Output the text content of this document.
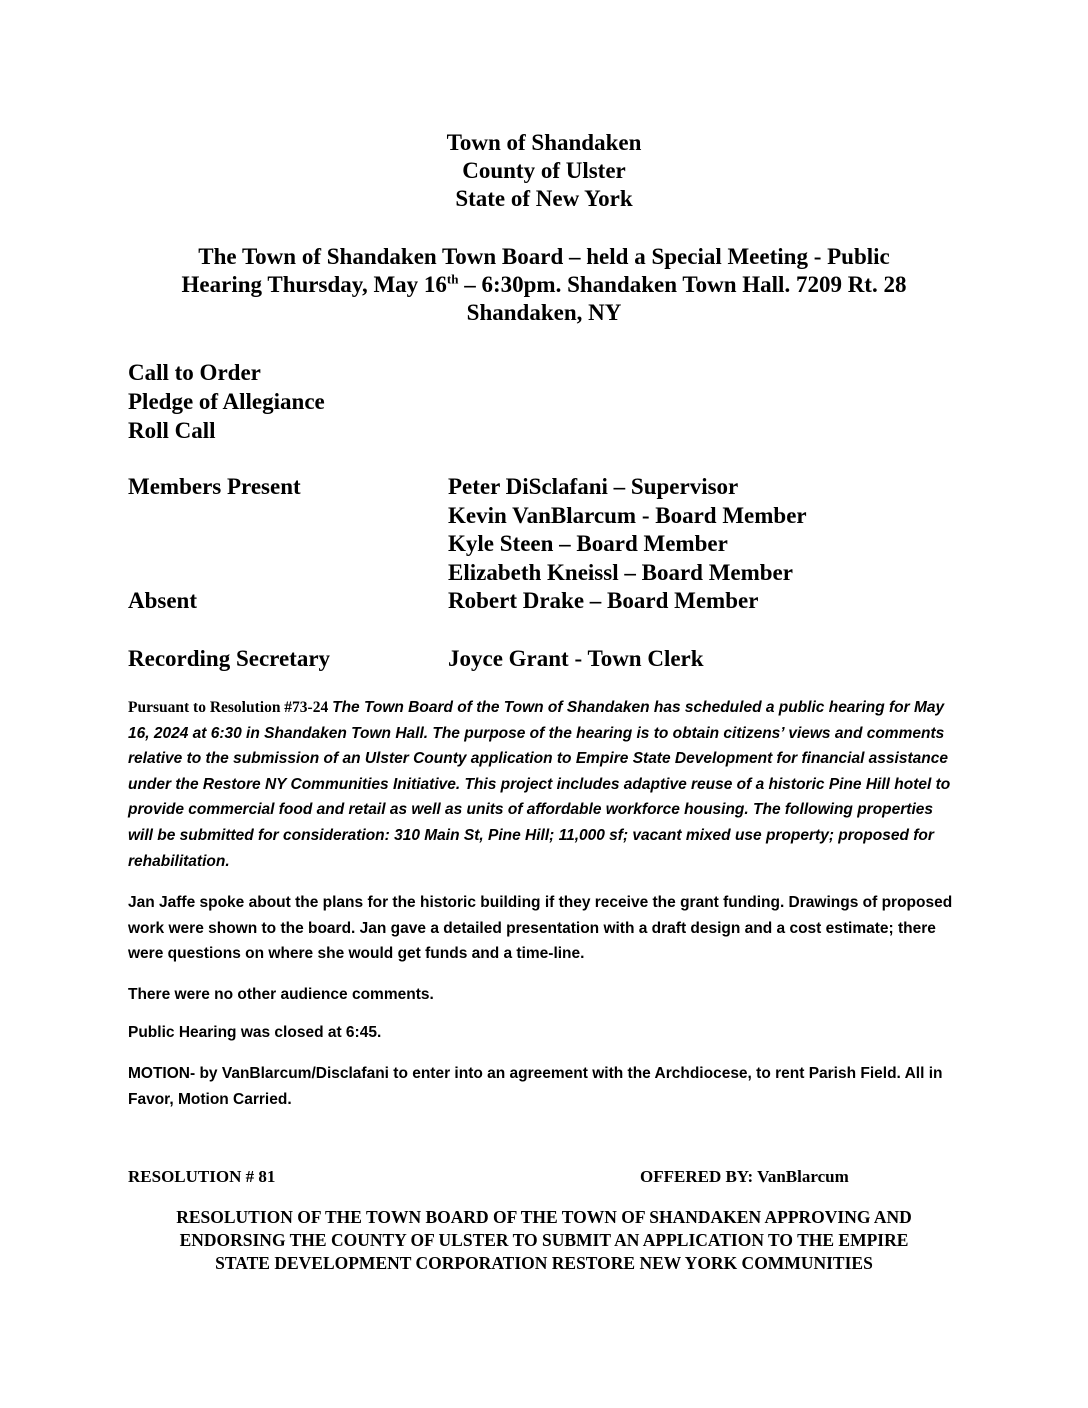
Town of Shandaken
County of Ulster
State of New York
The Town of Shandaken Town Board – held a Special Meeting - Public
Hearing Thursday, May 16th – 6:30pm. Shandaken Town Hall. 7209 Rt. 28
Shandaken, NY
Call to Order
Pledge of Allegiance
Roll Call
Members Present	Peter DiSclafani – Supervisor
Kevin VanBlarcum - Board Member
Kyle Steen – Board Member
Elizabeth Kneissl – Board Member
Absent	Robert Drake – Board Member
Recording Secretary	Joyce Grant - Town Clerk
Pursuant to Resolution #73-24 The Town Board of the Town of Shandaken has scheduled a public hearing for May 16, 2024 at 6:30 in Shandaken Town Hall. The purpose of the hearing is to obtain citizens’ views and comments relative to the submission of an Ulster County application to Empire State Development for financial assistance under the Restore NY Communities Initiative. This project includes adaptive reuse of a historic Pine Hill hotel to provide commercial food and retail as well as units of affordable workforce housing. The following properties will be submitted for consideration: 310 Main St, Pine Hill; 11,000 sf; vacant mixed use property; proposed for rehabilitation.
Jan Jaffe spoke about the plans for the historic building if they receive the grant funding. Drawings of proposed work were shown to the board. Jan gave a detailed presentation with a draft design and a cost estimate; there were questions on where she would get funds and a time-line.
There were no other audience comments.
Public Hearing was closed at 6:45.
MOTION- by VanBlarcum/Disclafani to enter into an agreement with the Archdiocese, to rent Parish Field. All in Favor, Motion Carried.
RESOLUTION # 81	OFFERED BY: VanBlarcum
RESOLUTION OF THE TOWN BOARD OF THE TOWN OF SHANDAKEN APPROVING AND
ENDORSING THE COUNTY OF ULSTER TO SUBMIT AN APPLICATION TO THE EMPIRE
STATE DEVELOPMENT CORPORATION RESTORE NEW YORK COMMUNITIES
